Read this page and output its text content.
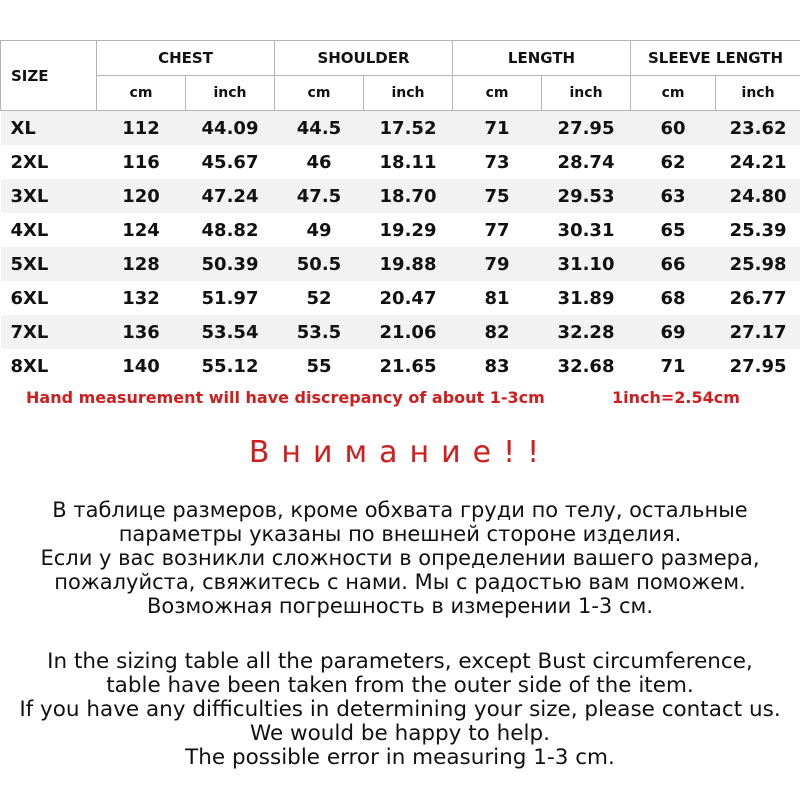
SIZE	CHEST		SHOULDER		LENGTH		SLEEVE LENGTH	
	cm	inch	cm	inch	cm	inch	cm	inch
XL	112	44.09	44.5	17.52	71	27.95	60	23.62
2XL	116	45.67	46	18.11	73	28.74	62	24.21
3XL	120	47.24	47.5	18.70	75	29.53	63	24.80
4XL	124	48.82	49	19.29	77	30.31	65	25.39
5XL	128	50.39	50.5	19.88	79	31.10	66	25.98
6XL	132	51.97	52	20.47	81	31.89	68	26.77
7XL	136	53.54	53.5	21.06	82	32.28	69	27.17
8XL	140	55.12	55	21.65	83	32.68	71	27.95
Hand measurement will have discrepancy of about 1-3cm	1inch=2.54cm
Внимание!!
В таблице размеров, кроме обхвата груди по телу, остальные
параметры указаны по внешней стороне изделия.
Если у вас возникли сложности в определении вашего размера,
пожалуйста, свяжитесь с нами. Мы с радостью вам поможем.
Возможная погрешность в измерении 1-3 см.
In the sizing table all the parameters, except Bust circumference,
table have been taken from the outer side of the item.
If you have any difficulties in determining your size, please contact us.
We would be happy to help.
The possible error in measuring 1-3 cm.
